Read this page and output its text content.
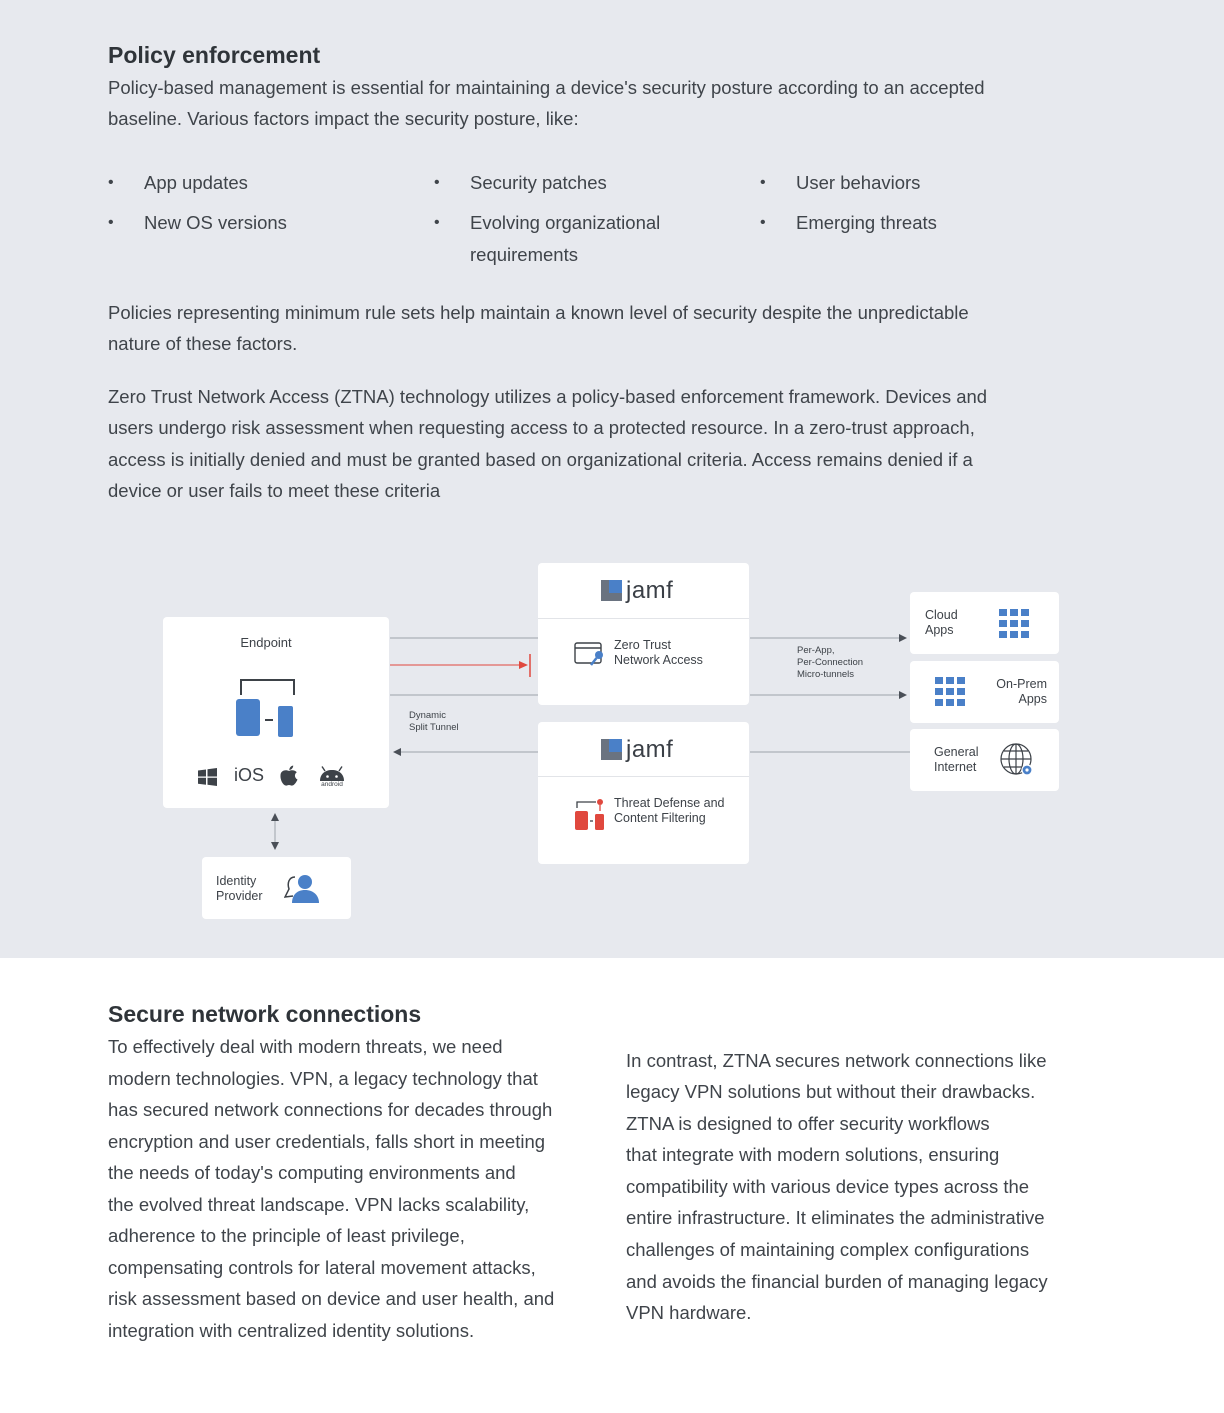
Policy enforcement

Policy-based management is essential for maintaining a device's security posture according to an accepted

baseline. Various factors impact the security posture, like:

• App updates
• New OS versions
• Security patches
• Evolving organizational
requirements
• User behaviors
• Emerging threats

Policies representing minimum rule sets help maintain a known level of security despite the unpredictable

nature of these factors.

Zero Trust Network Access (ZTNA) technology utilizes a policy-based enforcement framework. Devices and

users undergo risk assessment when requesting access to a protected resource. In a zero-trust approach,

access is initially denied and must be granted based on organizational criteria. Access remains denied if a

device or user fails to meet these criteria

Endpoint
iOS	android
Identity
Provider
jamf
Zero Trust
Network Access
jamf
Threat Defense and
Content Filtering
Dynamic
Split Tunnel
Per-App,
Per-Connection
Micro-tunnels
Cloud
Apps
On-Prem
Apps
General
Internet
Secure network connections

To effectively deal with modern threats, we need

modern technologies. VPN, a legacy technology that

has secured network connections for decades through

encryption and user credentials, falls short in meeting

the needs of today's computing environments and

the evolved threat landscape. VPN lacks scalability,

adherence to the principle of least privilege,

compensating controls for lateral movement attacks,

risk assessment based on device and user health, and

integration with centralized identity solutions.

In contrast, ZTNA secures network connections like

legacy VPN solutions but without their drawbacks.

ZTNA is designed to offer security workflows

that integrate with modern solutions, ensuring

compatibility with various device types across the

entire infrastructure. It eliminates the administrative

challenges of maintaining complex configurations

and avoids the financial burden of managing legacy

VPN hardware.
